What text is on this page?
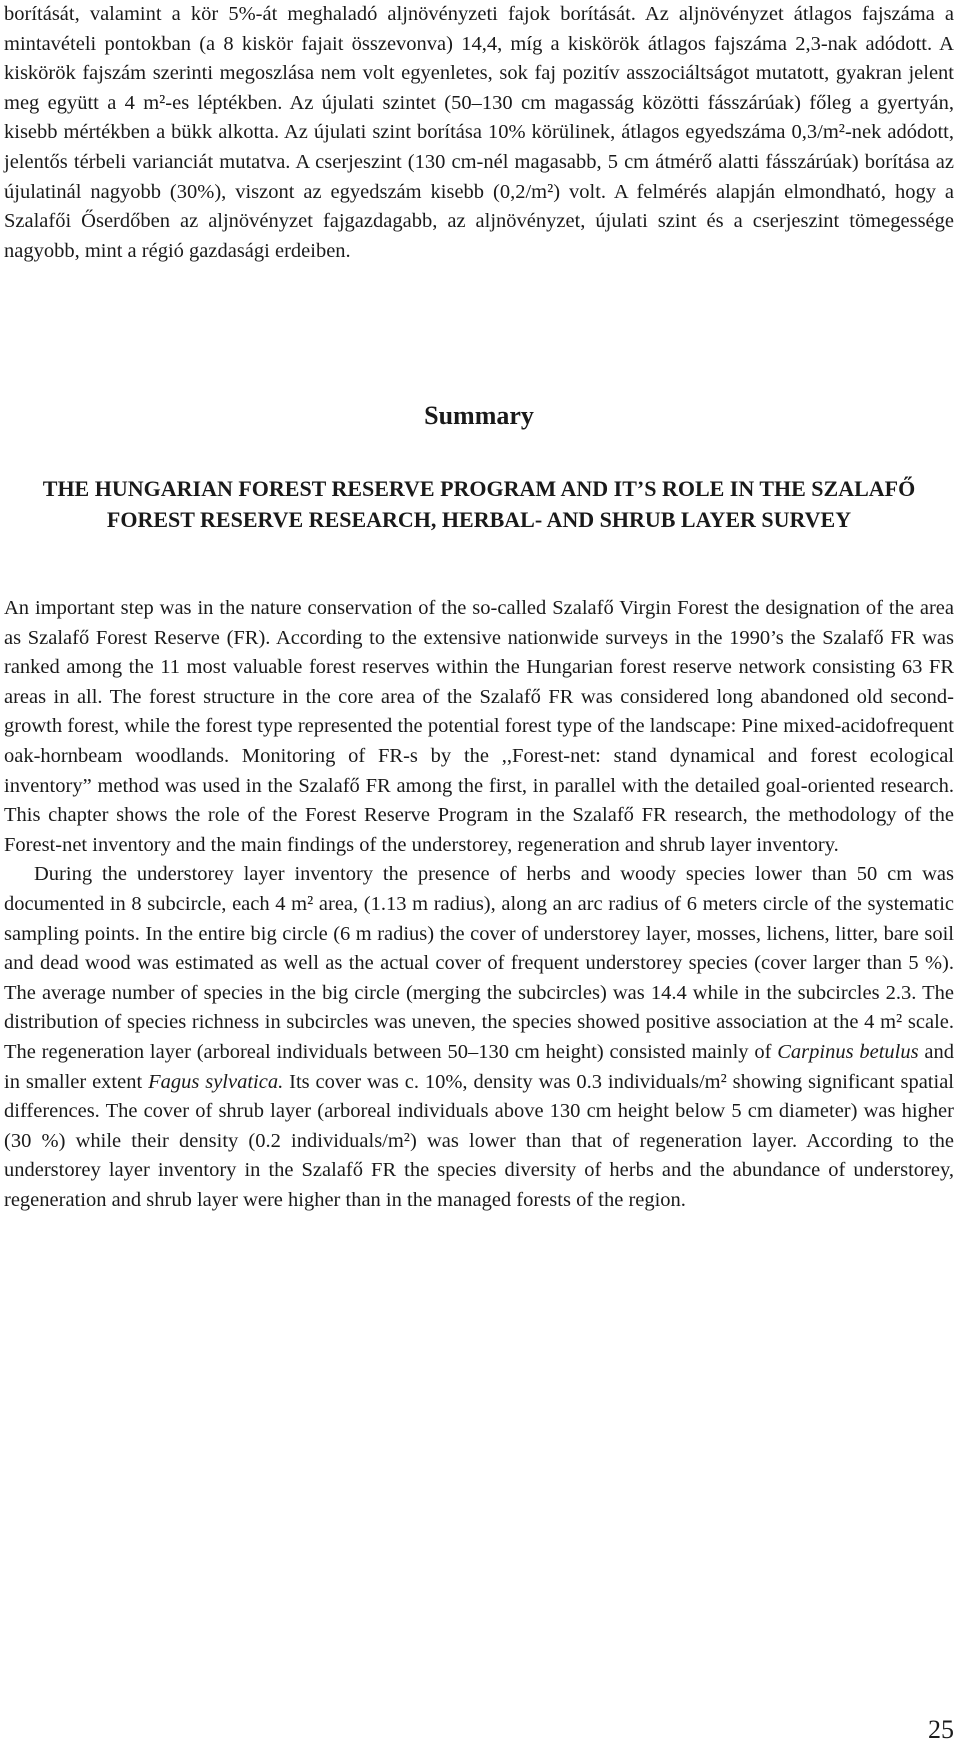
borítását, valamint a kör 5%-át meghaladó aljnövényzeti fajok borítását. Az aljnövényzet átlagos fajszáma a mintavételi pontokban (a 8 kiskör fajait összevonva) 14,4, míg a kiskörök átlagos fajszáma 2,3-nak adódott. A kiskörök fajszám szerinti megoszlása nem volt egyenletes, sok faj pozitív asszociáltságot mutatott, gyakran jelent meg együtt a 4 m²-es léptékben. Az újulati szintet (50–130 cm magasság közötti fásszárúak) főleg a gyertyán, kisebb mértékben a bükk alkotta. Az újulati szint borítása 10% körülinek, átlagos egyedszáma 0,3/m²-nek adódott, jelentős térbeli varianciát mutatva. A cserjeszint (130 cm-nél magasabb, 5 cm átmérő alatti fásszárúak) borítása az újulatinál nagyobb (30%), viszont az egyedszám kisebb (0,2/m²) volt. A felmérés alapján elmondható, hogy a Szalafői Őserdőben az aljnövényzet fajgazdagabb, az aljnövényzet, újulati szint és a cserjeszint tömegessége nagyobb, mint a régió gazdasági erdeiben.

Summary
THE HUNGARIAN FOREST RESERVE PROGRAM AND IT’S ROLE IN THE SZALAFŐ FOREST RESERVE RESEARCH, HERBAL- AND SHRUB LAYER SURVEY

An important step was in the nature conservation of the so-called Szalafő Virgin Forest the designation of the area as Szalafő Forest Reserve (FR). According to the extensive nationwide surveys in the 1990’s the Szalafő FR was ranked among the 11 most valuable forest reserves within the Hungarian forest reserve network consisting 63 FR areas in all. The forest structure in the core area of the Szalafő FR was considered long abandoned old second-growth forest, while the forest type represented the potential forest type of the landscape: Pine mixed-acidofrequent oak-hornbeam woodlands. Monitoring of FR-s by the ,,Forest-net: stand dynamical and forest ecological inventory” method was used in the Szalafő FR among the first, in parallel with the detailed goal-oriented research. This chapter shows the role of the Forest Reserve Program in the Szalafő FR research, the methodology of the Forest-net inventory and the main findings of the understorey, regeneration and shrub layer inventory.

During the understorey layer inventory the presence of herbs and woody species lower than 50 cm was documented in 8 subcircle, each 4 m² area, (1.13 m radius), along an arc radius of 6 meters circle of the systematic sampling points. In the entire big circle (6 m radius) the cover of understorey layer, mosses, lichens, litter, bare soil and dead wood was estimated as well as the actual cover of frequent understorey species (cover larger than 5 %). The average number of species in the big circle (merging the subcircles) was 14.4 while in the subcircles 2.3. The distribution of species richness in subcircles was uneven, the species showed positive association at the 4 m² scale. The regeneration layer (arboreal individuals between 50–130 cm height) consisted mainly of Carpinus betulus and in smaller extent Fagus sylvatica. Its cover was c. 10%, density was 0.3 individuals/m² showing significant spatial differences. The cover of shrub layer (arboreal individuals above 130 cm height below 5 cm diameter) was higher (30 %) while their density (0.2 individuals/m²) was lower than that of regeneration layer. According to the understorey layer inventory in the Szalafő FR the species diversity of herbs and the abundance of understorey, regeneration and shrub layer were higher than in the managed forests of the region.

25
